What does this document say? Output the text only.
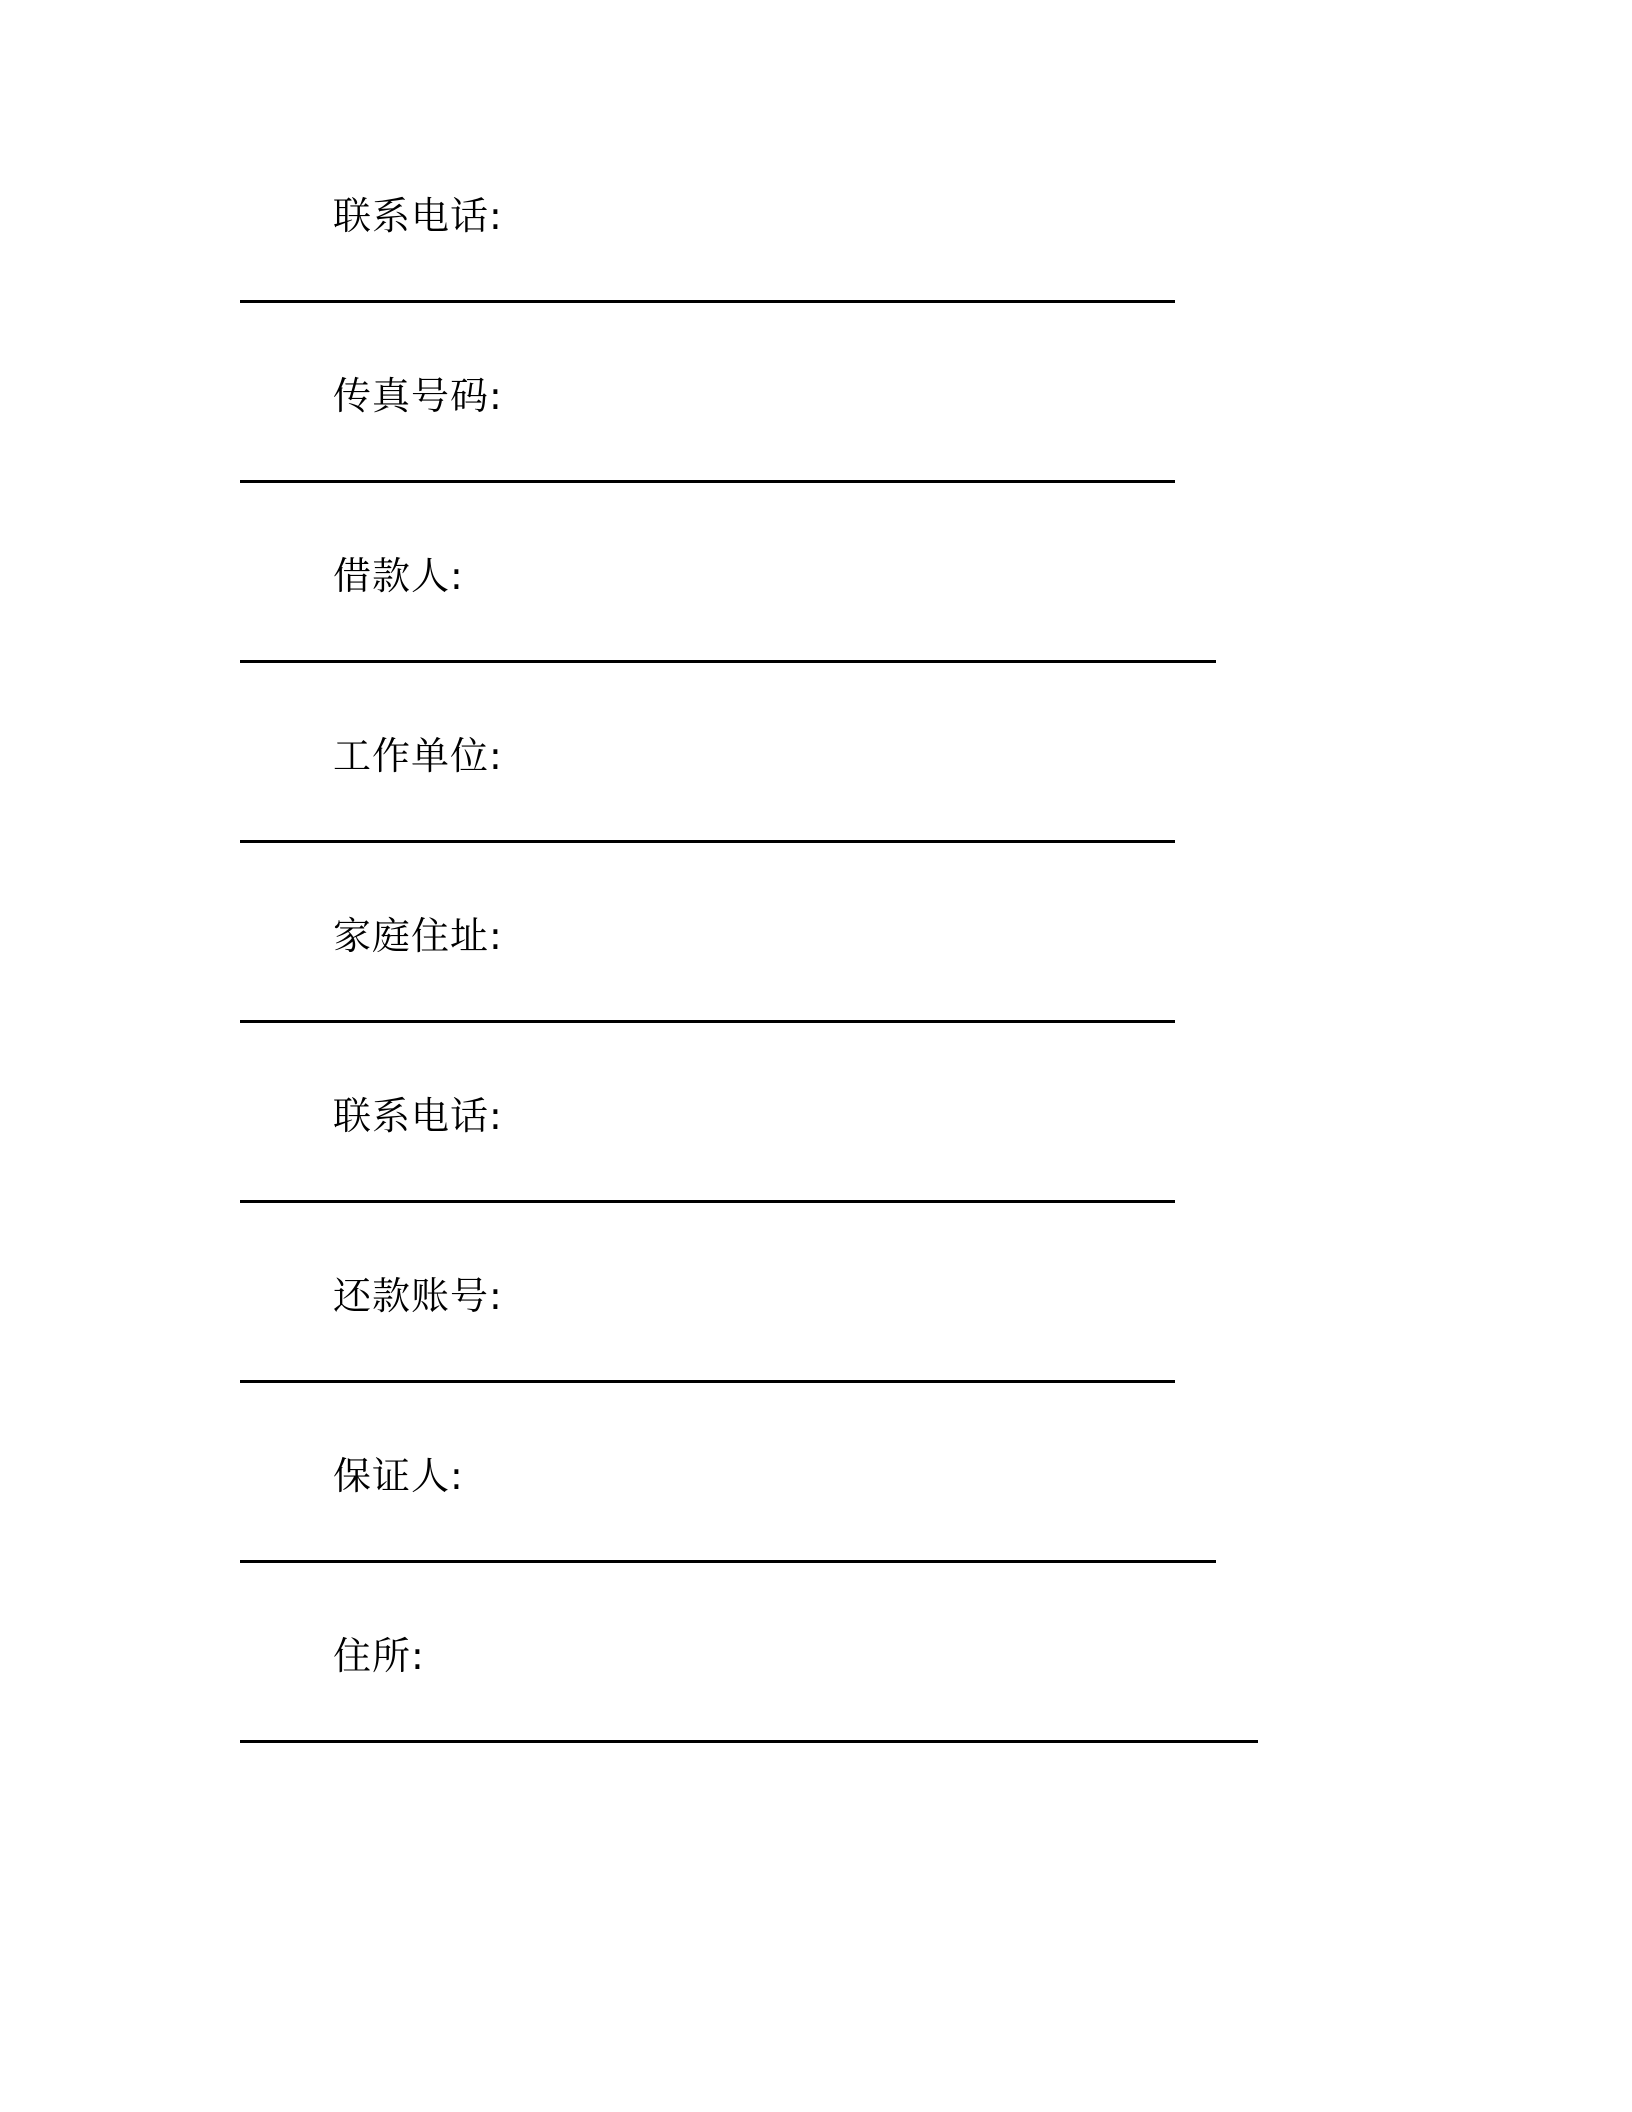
联系电话:
传真号码:
借款人:
工作单位:
家庭住址:
联系电话:
还款账号:
保证人:
住所:
